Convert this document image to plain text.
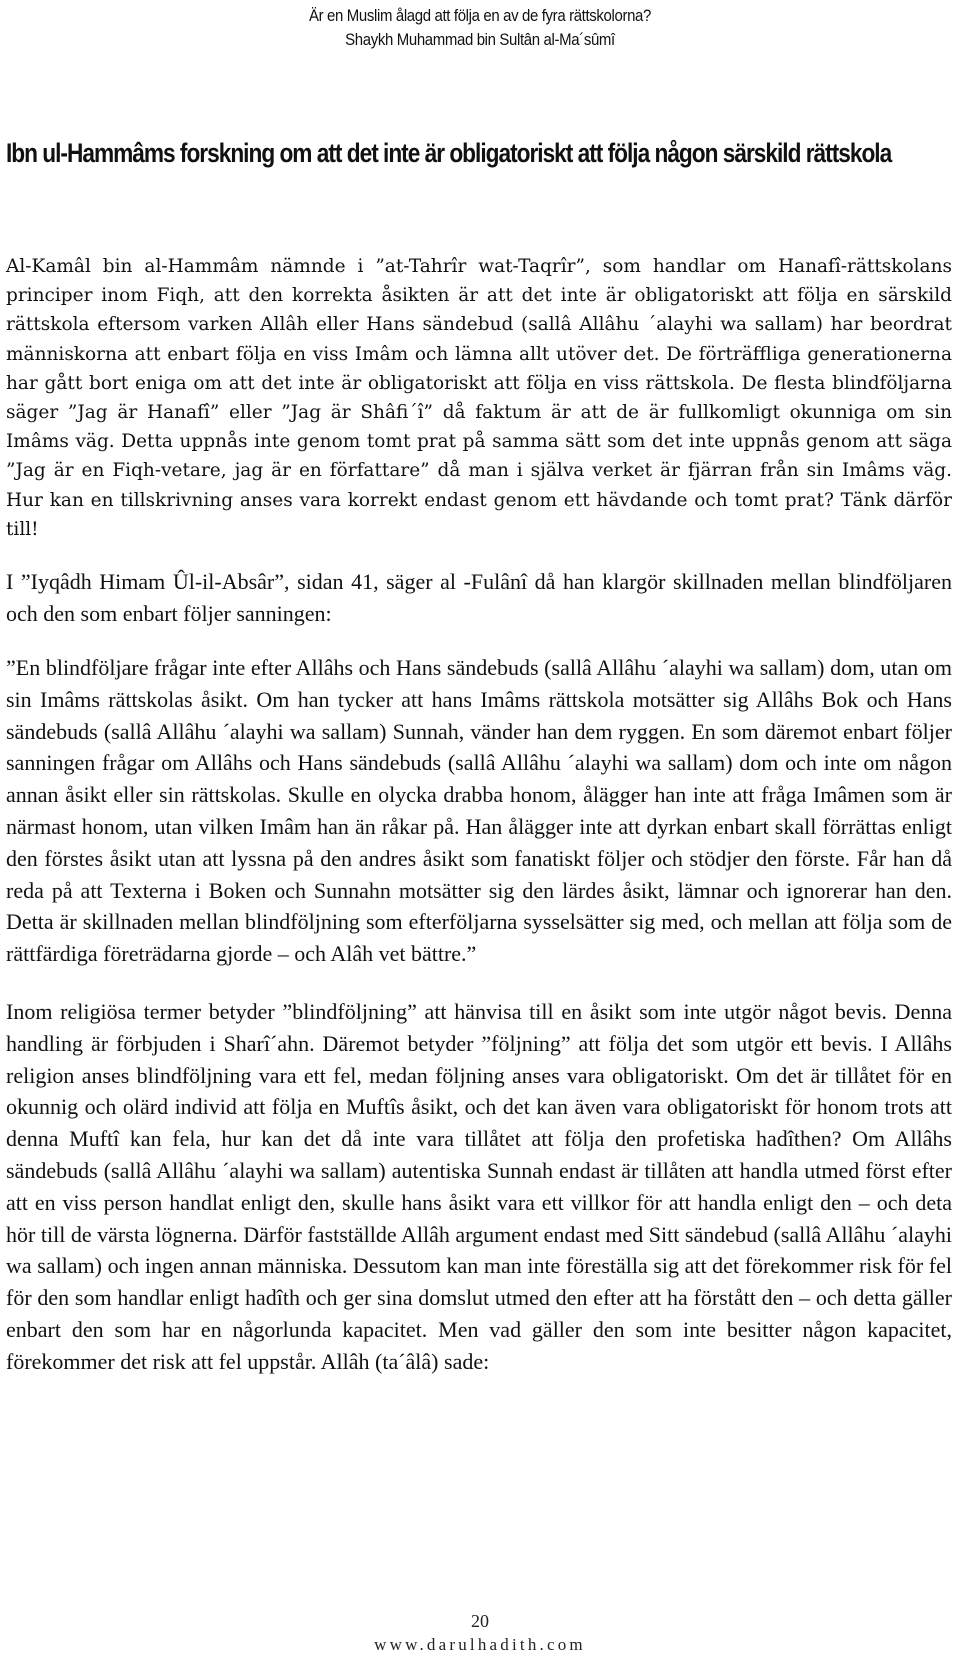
Är en Muslim ålagd att följa en av de fyra rättskolorna?
Shaykh Muhammad bin Sultân al-Ma´sûmî
Ibn ul-Hammâms forskning om att det inte är obligatoriskt att följa någon särskild rättskola

Al-Kamâl bin al-Hammâm nämnde i ”at-Tahrîr wat-Taqrîr”, som handlar om Hanafî-rättskolans principer inom Fiqh, att den korrekta åsikten är att det inte är obligatoriskt att följa en särskild rättskola eftersom varken Allâh eller Hans sändebud (sallâ Allâhu ´alayhi wa sallam) har beordrat människorna att enbart följa en viss Imâm och lämna allt utöver det. De förträffliga generationerna har gått bort eniga om att det inte är obligatoriskt att följa en viss rättskola. De flesta blindföljarna säger ”Jag är Hanafî” eller ”Jag är Shâfi´î” då faktum är att de är fullkomligt okunniga om sin Imâms väg. Detta uppnås inte genom tomt prat på samma sätt som det inte uppnås genom att säga ”Jag är en Fiqh-vetare, jag är en författare” då man i själva verket är fjärran från sin Imâms väg. Hur kan en tillskrivning anses vara korrekt endast genom ett hävdande och tomt prat? Tänk därför till!

I ”Iyqâdh Himam Ûl-il-Absâr”, sidan 41, säger al -Fulânî då han klargör skillnaden mellan blindföljaren och den som enbart följer sanningen:

”En blindföljare frågar inte efter Allâhs och Hans sändebuds (sallâ Allâhu ´alayhi wa sallam) dom, utan om sin Imâms rättskolas åsikt. Om han tycker att hans Imâms rättskola motsätter sig Allâhs Bok och Hans sändebuds (sallâ Allâhu ´alayhi wa sallam) Sunnah, vänder han dem ryggen. En som däremot enbart följer sanningen frågar om Allâhs och Hans sändebuds (sallâ Allâhu ´alayhi wa sallam) dom och inte om någon annan åsikt eller sin rättskolas. Skulle en olycka drabba honom, ålägger han inte att fråga Imâmen som är närmast honom, utan vilken Imâm han än råkar på. Han ålägger inte att dyrkan enbart skall förrättas enligt den förstes åsikt utan att lyssna på den andres åsikt som fanatiskt följer och stödjer den förste. Får han då reda på att Texterna i Boken och Sunnahn motsätter sig den lärdes åsikt, lämnar och ignorerar han den. Detta är skillnaden mellan blindföljning som efterföljarna sysselsätter sig med, och mellan att följa som de rättfärdiga företrädarna gjorde – och Alâh vet bättre.”

Inom religiösa termer betyder ”blindföljning” att hänvisa till en åsikt som inte utgör något bevis. Denna handling är förbjuden i Sharî´ahn. Däremot betyder ”följning” att följa det som utgör ett bevis. I Allâhs religion anses blindföljning vara ett fel, medan följning anses vara obligatoriskt. Om det är tillåtet för en okunnig och olärd individ att följa en Muftîs åsikt, och det kan även vara obligatoriskt för honom trots att denna Muftî kan fela, hur kan det då inte vara tillåtet att följa den profetiska hadîthen? Om Allâhs sändebuds (sallâ Allâhu ´alayhi wa sallam) autentiska Sunnah endast är tillåten att handla utmed först efter att en viss person handlat enligt den, skulle hans åsikt vara ett villkor för att handla enligt den – och deta hör till de värsta lögnerna. Därför fastställde Allâh argument endast med Sitt sändebud (sallâ Allâhu ´alayhi wa sallam) och ingen annan människa. Dessutom kan man inte föreställa sig att det förekommer risk för fel för den som handlar enligt hadîth och ger sina domslut utmed den efter att ha förstått den – och detta gäller enbart den som har en någorlunda kapacitet. Men vad gäller den som inte besitter någon kapacitet, förekommer det risk att fel uppstår. Allâh (ta´âlâ) sade:

20
www.darulhadith.com
